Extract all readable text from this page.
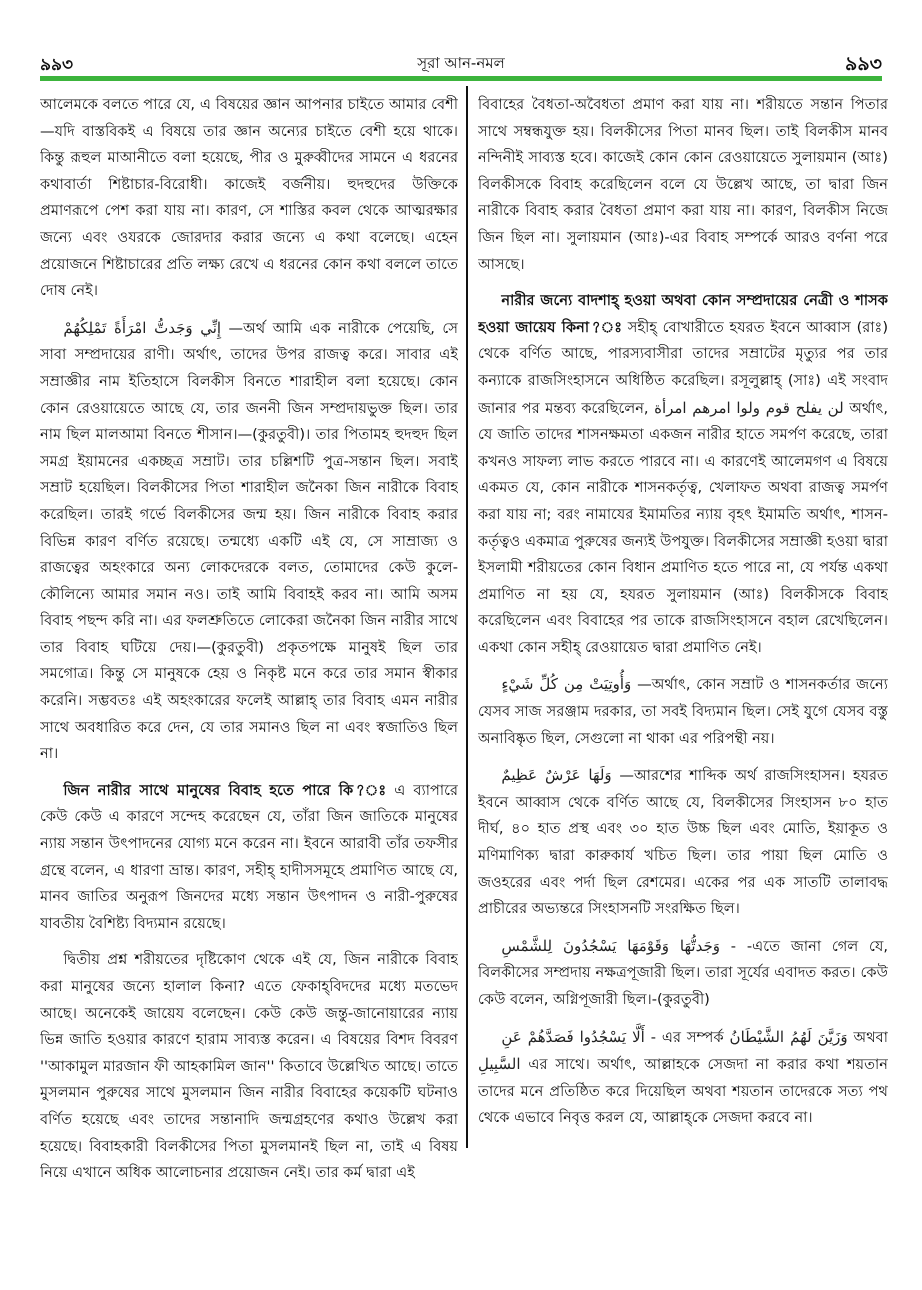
৯৯৩	সূরা আন-নমল	৯৯৩

আলেমকে বলতে পারে যে, এ বিষয়ের জ্ঞান আপনার চাইতে আমার বেশী—যদি বাস্তবিকই এ বিষয়ে তার জ্ঞান অন্যের চাইতে বেশী হয়ে থাকে। কিন্তু রূহুল মাআনীতে বলা হয়েছে, পীর ও মুরুব্বীদের সামনে এ ধরনের কথাবার্তা শিষ্টাচার-বিরোধী। কাজেই বর্জনীয়। হুদহুদের উক্তিকে প্রমাণরূপে পেশ করা যায় না। কারণ, সে শাস্তির কবল থেকে আত্মরক্ষার জন্যে এবং ওযরকে জোরদার করার জন্যে এ কথা বলেছে। এহেন প্রয়োজনে শিষ্টাচারের প্রতি লক্ষ্য রেখে এ ধরনের কোন কথা বললে তাতে দোষ নেই।

إِنِّي وَجَدتُّ امْرَأَةً تَمْلِكُهُمْ —অর্থ আমি এক নারীকে পেয়েছি, সে সাবা সম্প্রদায়ের রাণী। অর্থাৎ, তাদের উপর রাজত্ব করে। সাবার এই সম্রাজ্ঞীর নাম ইতিহাসে বিলকীস বিনতে শারাহীল বলা হয়েছে। কোন কোন রেওয়ায়েতে আছে যে, তার জননী জিন সম্প্রদায়ভুক্ত ছিল। তার নাম ছিল মালআমা বিনতে শীসান।—(কুরতুবী)। তার পিতামহ হুদহুদ ছিল সমগ্র ইয়ামনের একচ্ছত্র সম্রাট। তার চল্লিশটি পুত্র-সন্তান ছিল। সবাই সম্রাট হয়েছিল। বিলকীসের পিতা শারাহীল জনৈকা জিন নারীকে বিবাহ করেছিল। তারই গর্ভে বিলকীসের জন্ম হয়। জিন নারীকে বিবাহ করার বিভিন্ন কারণ বর্ণিত রয়েছে। তন্মধ্যে একটি এই যে, সে সাম্রাজ্য ও রাজত্বের অহংকারে অন্য লোকদেরকে বলত, তোমাদের কেউ কুলে-কৌলিন্যে আমার সমান নও। তাই আমি বিবাহই করব না। আমি অসম বিবাহ পছন্দ করি না। এর ফলশ্রুতিতে লোকেরা জনৈকা জিন নারীর সাথে তার বিবাহ ঘটিয়ে দেয়।—(কুরতুবী) প্রকৃতপক্ষে মানুষই ছিল তার সমগোত্র। কিন্তু সে মানুষকে হেয় ও নিকৃষ্ট মনে করে তার সমান স্বীকার করেনি। সম্ভবতঃ এই অহংকারের ফলেই আল্লাহ্ তার বিবাহ এমন নারীর সাথে অবধারিত করে দেন, যে তার সমানও ছিল না এবং স্বজাতিও ছিল না।

জিন নারীর সাথে মানুষের বিবাহ হতে পারে কি?ঃ এ ব্যাপারে কেউ কেউ এ কারণে সন্দেহ করেছেন যে, তাঁরা জিন জাতিকে মানুষের ন্যায় সন্তান উৎপাদনের যোগ্য মনে করেন না। ইবনে আরাবী তাঁর তফসীর গ্রন্থে বলেন, এ ধারণা ভ্রান্ত। কারণ, সহীহ্ হাদীসসমূহে প্রমাণিত আছে যে, মানব জাতির অনুরূপ জিনদের মধ্যে সন্তান উৎপাদন ও নারী-পুরুষের যাবতীয় বৈশিষ্ট্য বিদ্যমান রয়েছে।

দ্বিতীয় প্রশ্ন শরীয়তের দৃষ্টিকোণ থেকে এই যে, জিন নারীকে বিবাহ করা মানুষের জন্যে হালাল কিনা? এতে ফেকাহ্‌বিদদের মধ্যে মতভেদ আছে। অনেকেই জায়েয বলেছেন। কেউ কেউ জন্তু-জানোয়ারের ন্যায় ভিন্ন জাতি হওয়ার কারণে হারাম সাব্যস্ত করেন। এ বিষয়ের বিশদ বিবরণ ''আকামুল মারজান ফী আহকামিল জান'' কিতাবে উল্লেখিত আছে। তাতে মুসলমান পুরুষের সাথে মুসলমান জিন নারীর বিবাহের কয়েকটি ঘটনাও বর্ণিত হয়েছে এবং তাদের সন্তানাদি জন্মগ্রহণের কথাও উল্লেখ করা হয়েছে। বিবাহকারী বিলকীসের পিতা মুসলমানই ছিল না, তাই এ বিষয় নিয়ে এখানে অধিক আলোচনার প্রয়োজন নেই। তার কর্ম দ্বারা এই

বিবাহের বৈধতা-অবৈধতা প্রমাণ করা যায় না। শরীয়তে সন্তান পিতার সাথে সম্বন্ধযুক্ত হয়। বিলকীসের পিতা মানব ছিল। তাই বিলকীস মানব নন্দিনীই সাব্যস্ত হবে। কাজেই কোন কোন রেওয়ায়েতে সুলায়মান (আঃ) বিলকীসকে বিবাহ করেছিলেন বলে যে উল্লেখ আছে, তা দ্বারা জিন নারীকে বিবাহ করার বৈধতা প্রমাণ করা যায় না। কারণ, বিলকীস নিজে জিন ছিল না। সুলায়মান (আঃ)-এর বিবাহ সম্পর্কে আরও বর্ণনা পরে আসছে।

নারীর জন্যে বাদশাহ্ হওয়া অথবা কোন সম্প্রদায়ের নেত্রী ও শাসক হওয়া জায়েয কিনা?ঃ সহীহ্ বোখারীতে হযরত ইবনে আব্বাস (রাঃ) থেকে বর্ণিত আছে, পারস্যবাসীরা তাদের সম্রাটের মৃত্যুর পর তার কন্যাকে রাজসিংহাসনে অধিষ্ঠিত করেছিল। রসূলুল্লাহ্ (সাঃ) এই সংবাদ জানার পর মন্তব্য করেছিলেন, لن يفلح قوم ولوا امرهم امرأة অর্থাৎ, যে জাতি তাদের শাসনক্ষমতা একজন নারীর হাতে সমর্পণ করেছে, তারা কখনও সাফল্য লাভ করতে পারবে না। এ কারণেই আলেমগণ এ বিষয়ে একমত যে, কোন নারীকে শাসনকর্তৃত্ব, খেলাফত অথবা রাজত্ব সমর্পণ করা যায় না; বরং নামাযের ইমামতির ন্যায় বৃহৎ ইমামতি অর্থাৎ, শাসন-কর্তৃত্বও একমাত্র পুরুষের জন্যই উপযুক্ত। বিলকীসের সম্রাজ্ঞী হওয়া দ্বারা ইসলামী শরীয়তের কোন বিধান প্রমাণিত হতে পারে না, যে পর্যন্ত একথা প্রমাণিত না হয় যে, হযরত সুলায়মান (আঃ) বিলকীসকে বিবাহ করেছিলেন এবং বিবাহের পর তাকে রাজসিংহাসনে বহাল রেখেছিলেন। একথা কোন সহীহ্ রেওয়ায়েত দ্বারা প্রমাণিত নেই।

وَأُوتِيَتْ مِن كُلِّ شَيْءٍ —অর্থাৎ, কোন সম্রাট ও শাসনকর্তার জন্যে যেসব সাজ সরঞ্জাম দরকার, তা সবই বিদ্যমান ছিল। সেই যুগে যেসব বস্তু অনাবিষ্কৃত ছিল, সেগুলো না থাকা এর পরিপন্থী নয়।

وَلَهَا عَرْشٌ عَظِيمٌ —আরশের শাব্দিক অর্থ রাজসিংহাসন। হযরত ইবনে আব্বাস থেকে বর্ণিত আছে যে, বিলকীসের সিংহাসন ৮০ হাত দীর্ঘ, ৪০ হাত প্রস্থ এবং ৩০ হাত উচ্চ ছিল এবং মোতি, ইয়াকূত ও মণিমাণিক্য দ্বারা কারুকার্য খচিত ছিল। তার পায়া ছিল মোতি ও জওহরের এবং পর্দা ছিল রেশমের। একের পর এক সাতটি তালাবদ্ধ প্রাচীরের অভ্যন্তরে সিংহাসনটি সংরক্ষিত ছিল।

وَجَدتُّهَا وَقَوْمَهَا يَسْجُدُونَ لِلشَّمْسِ - -এতে জানা গেল যে, বিলকীসের সম্প্রদায় নক্ষত্রপূজারী ছিল। তারা সূর্যের এবাদত করত। কেউ কেউ বলেন, অগ্নিপূজারী ছিল।-(কুরতুবী)

فَصَدَّهُمْ عَنِ أَلَّا يَسْجُدُوا - এর সম্পর্ক وَزَيَّنَ لَهُمُ الشَّيْطَانُ অথবা السَّبِيلِ এর সাথে। অর্থাৎ, আল্লাহকে সেজদা না করার কথা শয়তান তাদের মনে প্রতিষ্ঠিত করে দিয়েছিল অথবা শয়তান তাদেরকে সত্য পথ থেকে এভাবে নিবৃত্ত করল যে, আল্লাহ্‌কে সেজদা করবে না।
